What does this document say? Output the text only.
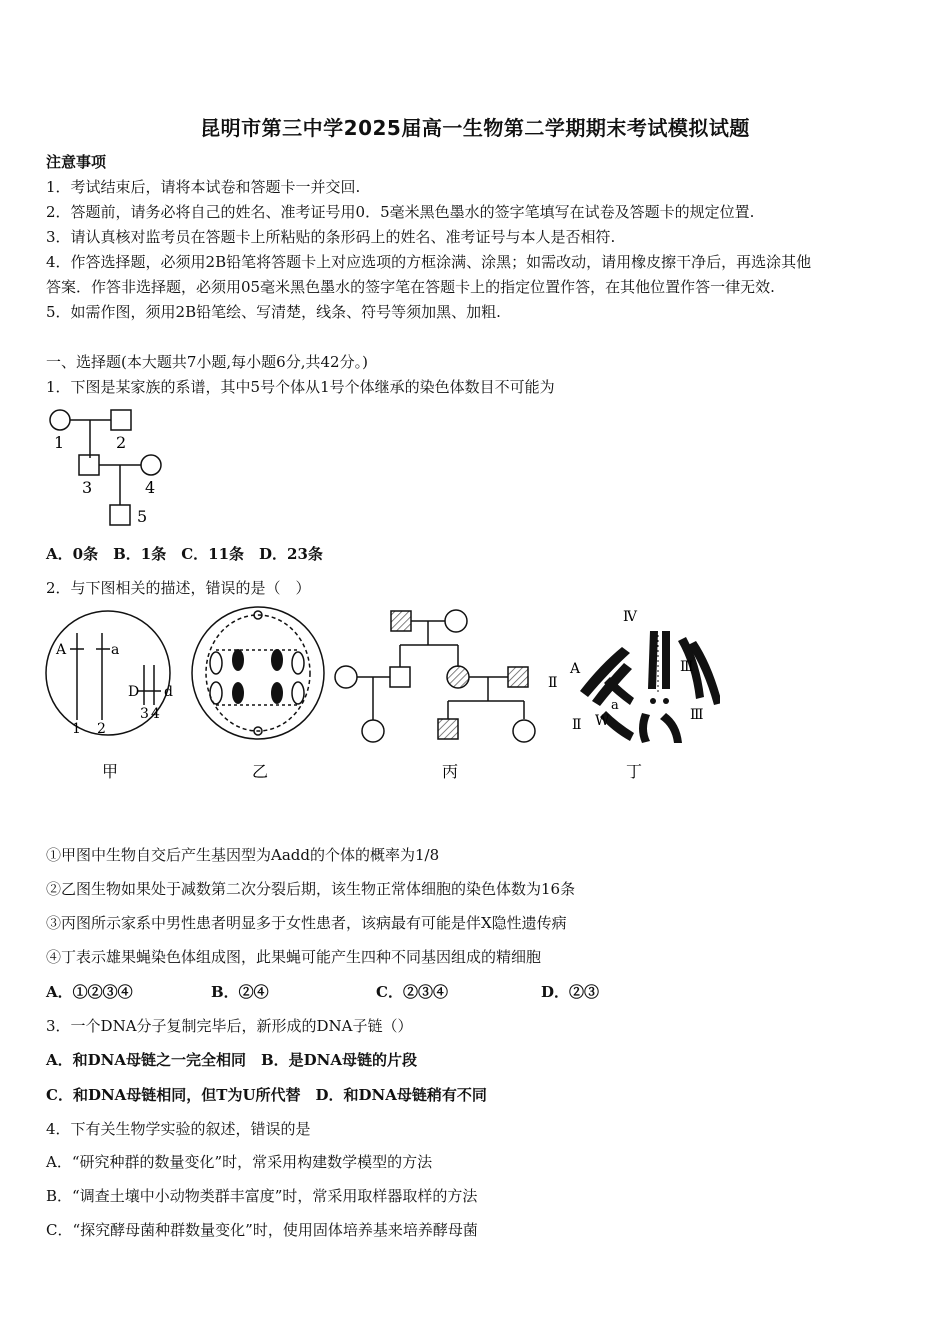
昆明市第三中学2025届高一生物第二学期期末考试模拟试题
注意事项
1．考试结束后，请将本试卷和答题卡一并交回.
2．答题前，请务必将自己的姓名、准考证号用0．5毫米黑色墨水的签字笔填写在试卷及答题卡的规定位置.
3．请认真核对监考员在答题卡上所粘贴的条形码上的姓名、准考证号与本人是否相符.
4．作答选择题，必须用2B铅笔将答题卡上对应选项的方框涂满、涂黑；如需改动，请用橡皮擦干净后，再选涂其他
答案．作答非选择题，必须用05毫米黑色墨水的签字笔在答题卡上的指定位置作答，在其他位置作答一律无效.
5．如需作图，须用2B铅笔绘、写清楚，线条、符号等须加黑、加粗.
一、选择题(本大题共7小题,每小题6分,共42分。)
1．下图是某家族的系谱，其中5号个体从1号个体继承的染色体数目不可能为
1	2
3	4
5
A．0条　B．1条　C．11条　D．23条
2．与下图相关的描述，错误的是（　）
A	a
1 2
D d
3 4
甲	乙	丙
Ⅳ
A
Ⅱ
Ⅲ
a
Ⅱ W	Ⅲ
丁
①甲图中生物自交后产生基因型为Aadd的个体的概率为1/8
②乙图生物如果处于减数第二次分裂后期，该生物正常体细胞的染色体数为16条
③丙图所示家系中男性患者明显多于女性患者，该病最有可能是伴X隐性遗传病
④丁表示雄果蝇染色体组成图，此果蝇可能产生四种不同基因组成的精细胞
A．①②③④	B．②④	C．②③④	D．②③
3．一个DNA分子复制完毕后，新形成的DNA子链（）
A．和DNA母链之一完全相同　B．是DNA母链的片段
C．和DNA母链相同，但T为U所代替　D．和DNA母链稍有不同
4．下有关生物学实验的叙述，错误的是
A．“研究种群的数量变化”时，常采用构建数学模型的方法
B．“调查土壤中小动物类群丰富度”时，常采用取样器取样的方法
C．“探究酵母菌种群数量变化”时，使用固体培养基来培养酵母菌
